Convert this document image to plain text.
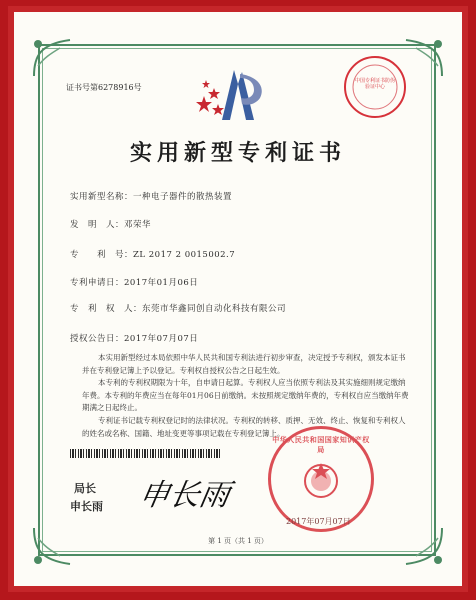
证书号第6278916号
中国专利证书防伪验证中心
实用新型专利证书
实用新型名称：一种电子器件的散热装置
发　明　人：邓荣华
专　　利　号：ZL 2017 2 0015002.7
专利申请日：2017年01月06日
专　利　权　人：东莞市华鑫同创自动化科技有限公司
授权公告日：2017年07月07日

本实用新型经过本局依照中华人民共和国专利法进行初步审查，决定授予专利权，颁发本证书并在专利登记簿上予以登记。专利权自授权公告之日起生效。

本专利的专利权期限为十年，自申请日起算。专利权人应当依照专利法及其实施细则规定缴纳年费。本专利的年费应当在每年01月06日前缴纳。未按照规定缴纳年费的，专利权自应当缴纳年费期满之日起终止。

专利证书记载专利权登记时的法律状况。专利权的转移、质押、无效、终止、恢复和专利权人的姓名或名称、国籍、地址变更等事项记载在专利登记簿上。

局长
申长雨 申长雨
中华人民共和国国家知识产权局
2017年07月07日
第 1 页（共 1 页）
